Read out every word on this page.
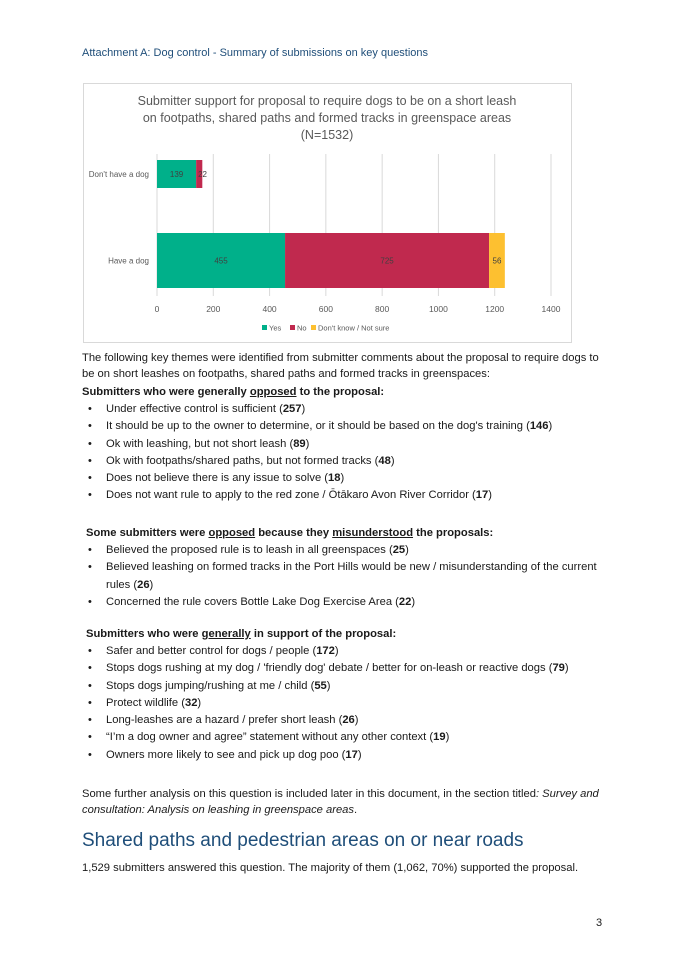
Attachment A: Dog control - Summary of submissions on key questions
Submitter support for proposal to require dogs to be on a short leash
on footpaths, shared paths and formed tracks in greenspace areas
(N=1532)
0	200	400	600	800	1000	1200	1400
Don't have a dog	139 22
Have a dog	455	725	56
Yes No Don't know / Not sure
The following key themes were identified from submitter comments about the proposal to require dogs to be on short leashes on footpaths, shared paths and formed tracks in greenspaces:
Submitters who were generally opposed to the proposal:
• Under effective control is sufficient (257)
• It should be up to the owner to determine, or it should be based on the dog's training (146)
• Ok with leashing, but not short leash (89)
• Ok with footpaths/shared paths, but not formed tracks (48)
• Does not believe there is any issue to solve (18)
• Does not want rule to apply to the red zone / Ōtākaro Avon River Corridor (17)
Some submitters were opposed because they misunderstood the proposals:
• Believed the proposed rule is to leash in all greenspaces (25)
• Believed leashing on formed tracks in the Port Hills would be new / misunderstanding of the current rules (26)
• Concerned the rule covers Bottle Lake Dog Exercise Area (22)
Submitters who were generally in support of the proposal:
• Safer and better control for dogs / people (172)
• Stops dogs rushing at my dog / 'friendly dog' debate / better for on-leash or reactive dogs (79)
• Stops dogs jumping/rushing at me / child (55)
• Protect wildlife (32)
• Long-leashes are a hazard / prefer short leash (26)
• “I’m a dog owner and agree” statement without any other context (19)
• Owners more likely to see and pick up dog poo (17)
Some further analysis on this question is included later in this document, in the section titled: Survey and consultation: Analysis on leashing in greenspace areas.
Shared paths and pedestrian areas on or near roads
1,529 submitters answered this question. The majority of them (1,062, 70%) supported the proposal.
3
